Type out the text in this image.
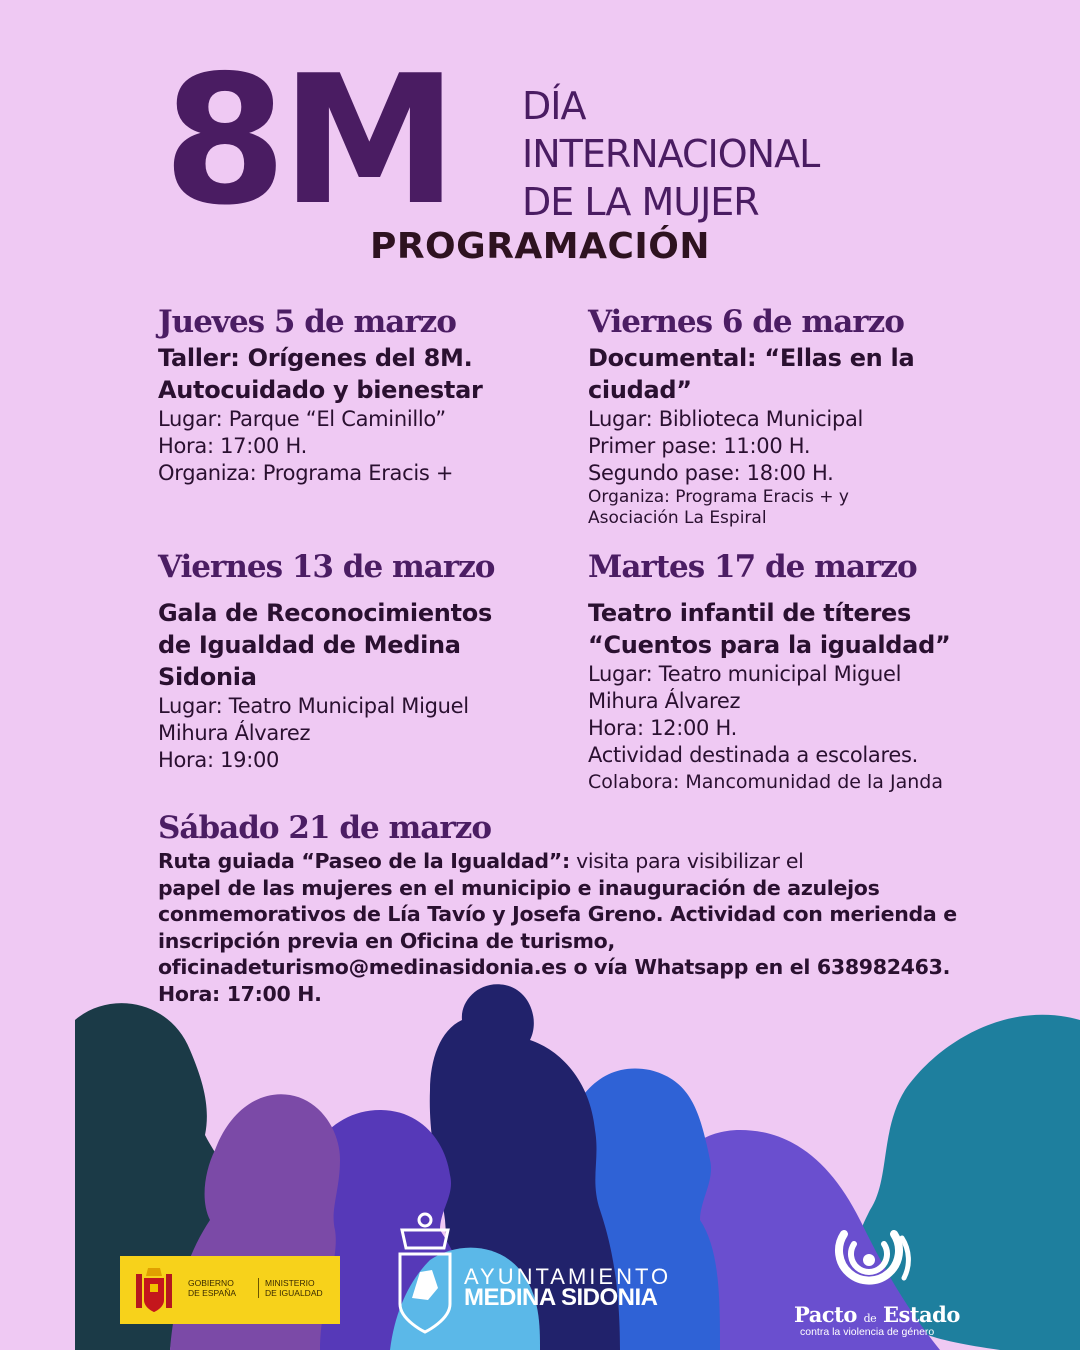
8M DÍA
INTERNACIONAL
DE LA MUJER
PROGRAMACIÓN
Jueves 5 de marzo
Taller: Orígenes del 8M.
Autocuidado y bienestar
Lugar: Parque “El Caminillo”
Hora: 17:00 H.
Organiza: Programa Eracis +
Viernes 6 de marzo
Documental: “Ellas en la
ciudad”
Lugar: Biblioteca Municipal
Primer pase: 11:00 H.
Segundo pase: 18:00 H.
Organiza: Programa Eracis + y
Asociación La Espiral
Viernes 13 de marzo
Gala de Reconocimientos
de Igualdad de Medina
Sidonia
Lugar: Teatro Municipal Miguel
Mihura Álvarez
Hora: 19:00
Martes 17 de marzo
Teatro infantil de títeres
“Cuentos para la igualdad”
Lugar: Teatro municipal Miguel
Mihura Álvarez
Hora: 12:00 H.
Actividad destinada a escolares.
Colabora: Mancomunidad de la Janda
Sábado 21 de marzo
Ruta guiada “Paseo de la Igualdad”: visita para visibilizar el
papel de las mujeres en el municipio e inauguración de azulejos
conmemorativos de Lía Tavío y Josefa Greno. Actividad con merienda e
inscripción previa en Oficina de turismo,
oficinadeturismo@medinasidonia.es o vía Whatsapp en el 638982463.
Hora: 17:00 H.
GOBIERNO
DE ESPAÑA
MINISTERIO
DE IGUALDAD
AYUNTAMIENTO
MEDINA SIDONIA
Pacto de Estado
contra la violencia de género
